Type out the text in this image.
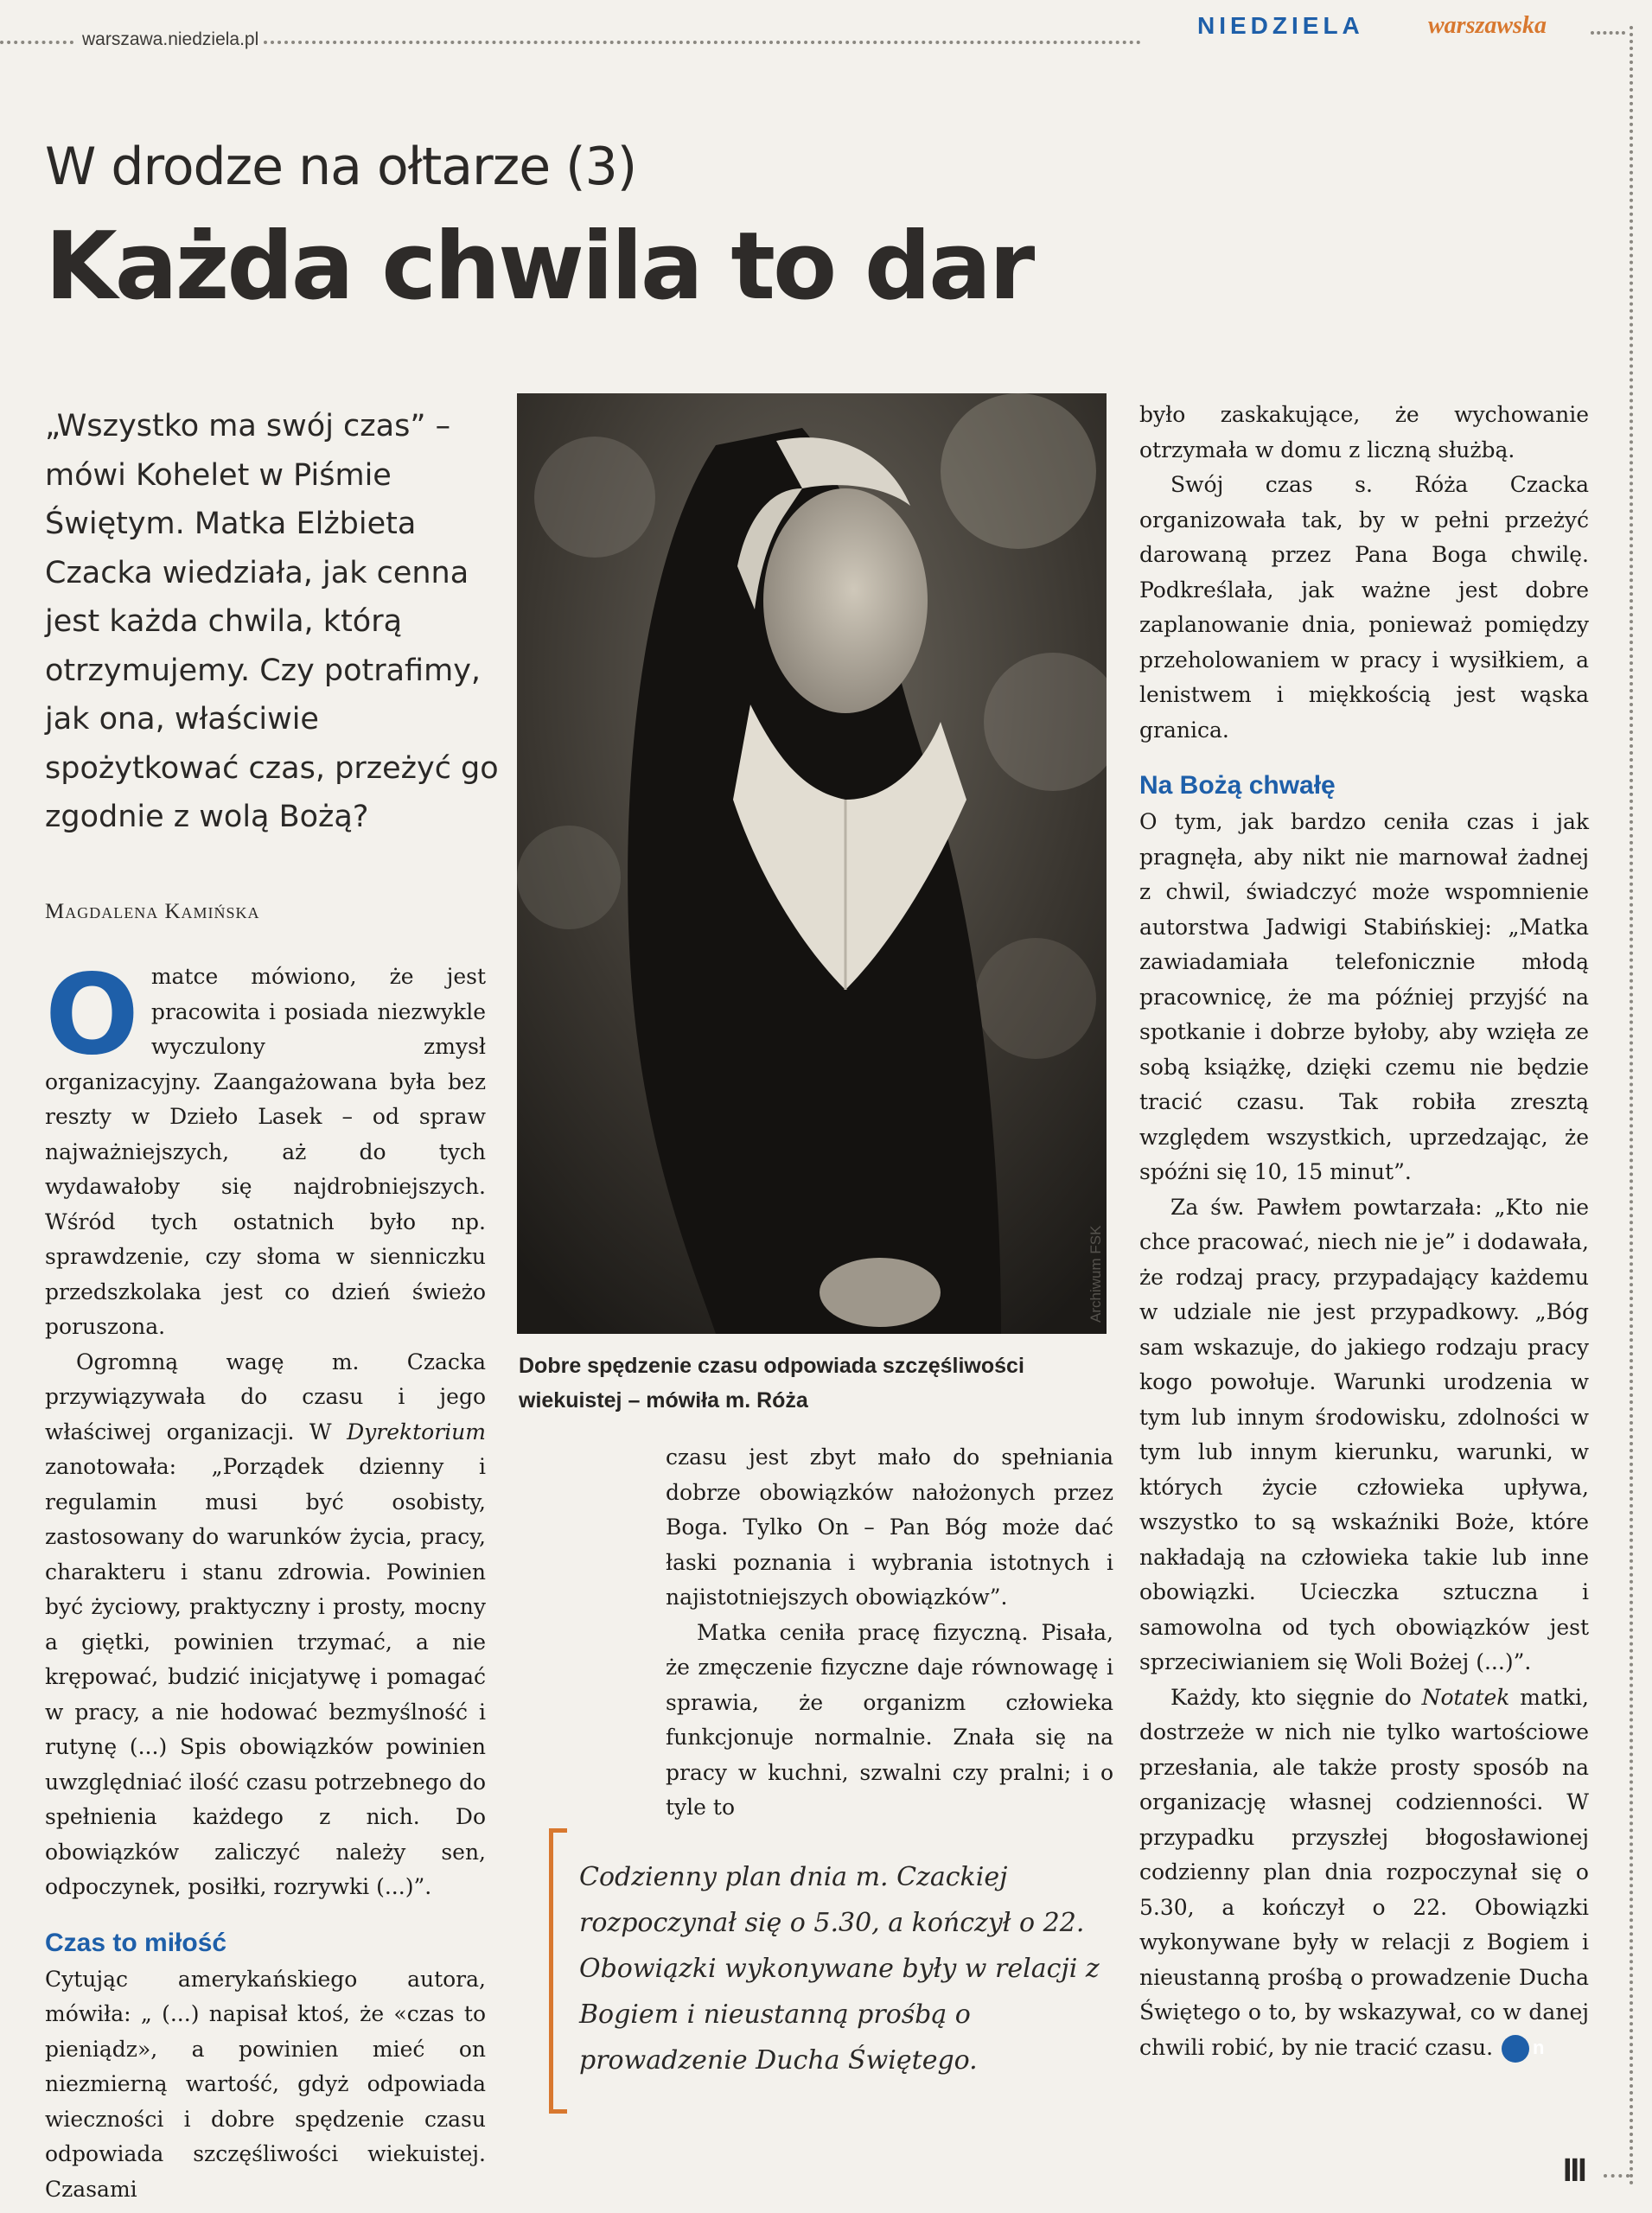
warszawa.niedziela.pl
NIEDZIELA	warszawska
W drodze na ołtarze (3)
Każda chwila to dar
„Wszystko ma swój czas” – mówi Kohelet w Piśmie Świętym. Matka Elżbieta Czacka wiedziała, jak cenna jest każda chwila, którą otrzymujemy. Czy potrafimy, jak ona, właściwie spożytkować czas, przeżyć go zgodnie z wolą Bożą?
Magdalena Kamińska

Omatce mówiono, że jest pracowita i posiada niezwykle wyczulony zmysł organizacyjny. Zaangażowana była bez reszty w Dzieło Lasek – od spraw najważniejszych, aż do tych wydawałoby się najdrobniejszych. Wśród tych ostatnich było np. sprawdzenie, czy słoma w sienniczku przedszkolaka jest co dzień świeżo poruszona.

Ogromną wagę m. Czacka przywiązywała do czasu i jego właściwej organizacji. W Dyrektorium zanotowała: „Porządek dzienny i regulamin musi być osobisty, zastosowany do warunków życia, pracy, charakteru i stanu zdrowia. Powinien być życiowy, praktyczny i prosty, mocny a giętki, powinien trzymać, a nie krępować, budzić inicjatywę i pomagać w pracy, a nie hodować bezmyślność i rutynę (...) Spis obowiązków powinien uwzględniać ilość czasu potrzebnego do spełnienia każdego z nich. Do obowiązków zaliczyć należy sen, odpoczynek, posiłki, rozrywki (...)”.

Czas to miłość

Cytując amerykańskiego autora, mówiła: „ (...) napisał ktoś, że «czas to pieniądz», a powinien mieć on niezmierną wartość, gdyż odpowiada wieczności i dobre spędzenie czasu odpowiada szczęśliwości wiekuistej. Czasami

Archiwum FSK
Dobre spędzenie czasu odpowiada szczęśliwości wiekuistej – mówiła m. Róża

czasu jest zbyt mało do spełniania dobrze obowiązków nałożonych przez Boga. Tylko On – Pan Bóg może dać łaski poznania i wybrania istotnych i najistotniejszych obowiązków”.

Matka ceniła pracę fizyczną. Pisała, że zmęczenie fizyczne daje równowagę i sprawia, że organizm człowieka funkcjonuje normalnie. Znała się na pracy w kuchni, szwalni czy pralni; i o tyle to

Codzienny plan dnia m. Czackiej rozpoczynał się o 5.30, a kończył o 22. Obowiązki wykonywane były w relacji z Bogiem i nieustanną prośbą o prowadzenie Ducha Świętego.

było zaskakujące, że wychowanie otrzymała w domu z liczną służbą.

Swój czas s. Róża Czacka organizowała tak, by w pełni przeżyć darowaną przez Pana Boga chwilę. Podkreślała, jak ważne jest dobre zaplanowanie dnia, ponieważ pomiędzy przeholowaniem w pracy i wysiłkiem, a lenistwem i miękkością jest wąska granica.

Na Bożą chwałę

O tym, jak bardzo ceniła czas i jak pragnęła, aby nikt nie marnował żadnej z chwil, świadczyć może wspomnienie autorstwa Jadwigi Stabińskiej: „Matka zawiadamiała telefonicznie młodą pracownicę, że ma później przyjść na spotkanie i dobrze byłoby, aby wzięła ze sobą książkę, dzięki czemu nie będzie tracić czasu. Tak robiła zresztą względem wszystkich, uprzedzając, że spóźni się 10, 15 minut”.

Za św. Pawłem powtarzała: „Kto nie chce pracować, niech nie je” i dodawała, że rodzaj pracy, przypadający każdemu w udziale nie jest przypadkowy. „Bóg sam wskazuje, do jakiego rodzaju pracy kogo powołuje. Warunki urodzenia w tym lub innym środowisku, zdolności w tym lub innym kierunku, warunki, w których życie człowieka upływa, wszystko to są wskaźniki Boże, które nakładają na człowieka takie lub inne obowiązki. Ucieczka sztuczna i samowolna od tych obowiązków jest sprzeciwianiem się Woli Bożej (...)”.

Każdy, kto sięgnie do Notatek matki, dostrzeże w nich nie tylko wartościowe przesłania, ale także prosty sposób na organizację własnej codzienności. W przypadku przyszłej błogosławionej codzienny plan dnia rozpoczynał się o 5.30, a kończył o 22. Obowiązki wykonywane były w relacji z Bogiem i nieustanną prośbą o prowadzenie Ducha Świętego o to, by wskazywał, co w danej chwili robić, by nie tracić czasu. n

III
